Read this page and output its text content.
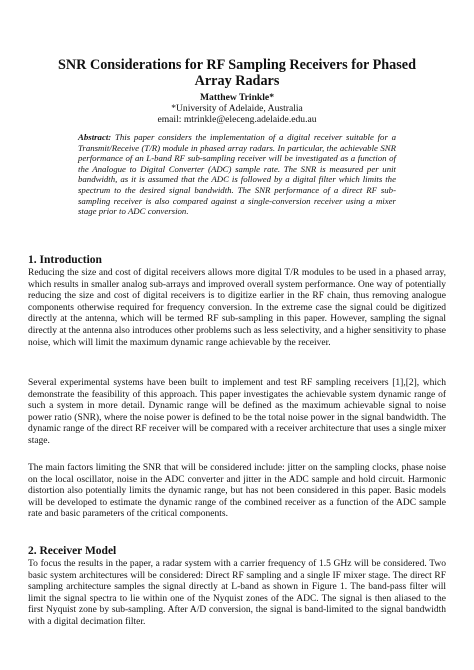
SNR Considerations for RF Sampling Receivers for Phased Array Radars
Matthew Trinkle*
*University of Adelaide, Australia
email: mtrinkle@eleceng.adelaide.edu.au
Abstract: This paper considers the implementation of a digital receiver suitable for a Transmit/Receive (T/R) module in phased array radars. In particular, the achievable SNR performance of an L-band RF sub-sampling receiver will be investigated as a function of the Analogue to Digital Converter (ADC) sample rate. The SNR is measured per unit bandwidth, as it is assumed that the ADC is followed by a digital filter which limits the spectrum to the desired signal bandwidth. The SNR performance of a direct RF sub-sampling receiver is also compared against a single-conversion receiver using a mixer stage prior to ADC conversion.
1. Introduction
Reducing the size and cost of digital receivers allows more digital T/R modules to be used in a phased array, which results in smaller analog sub-arrays and improved overall system performance. One way of potentially reducing the size and cost of digital receivers is to digitize earlier in the RF chain, thus removing analogue components otherwise required for frequency conversion. In the extreme case the signal could be digitized directly at the antenna, which will be termed RF sub-sampling in this paper. However, sampling the signal directly at the antenna also introduces other problems such as less selectivity, and a higher sensitivity to phase noise, which will limit the maximum dynamic range achievable by the receiver.
Several experimental systems have been built to implement and test RF sampling receivers [1],[2], which demonstrate the feasibility of this approach. This paper investigates the achievable system dynamic range of such a system in more detail. Dynamic range will be defined as the maximum achievable signal to noise power ratio (SNR), where the noise power is defined to be the total noise power in the signal bandwidth. The dynamic range of the direct RF receiver will be compared with a receiver architecture that uses a single mixer stage.
The main factors limiting the SNR that will be considered include: jitter on the sampling clocks, phase noise on the local oscillator, noise in the ADC converter and jitter in the ADC sample and hold circuit. Harmonic distortion also potentially limits the dynamic range, but has not been considered in this paper. Basic models will be developed to estimate the dynamic range of the combined receiver as a function of the ADC sample rate and basic parameters of the critical components.
2. Receiver Model
To focus the results in the paper, a radar system with a carrier frequency of 1.5 GHz will be considered. Two basic system architectures will be considered: Direct RF sampling and a single IF mixer stage. The direct RF sampling architecture samples the signal directly at L-band as shown in Figure 1. The band-pass filter will limit the signal spectra to lie within one of the Nyquist zones of the ADC. The signal is then aliased to the first Nyquist zone by sub-sampling. After A/D conversion, the signal is band-limited to the signal bandwidth with a digital decimation filter.
